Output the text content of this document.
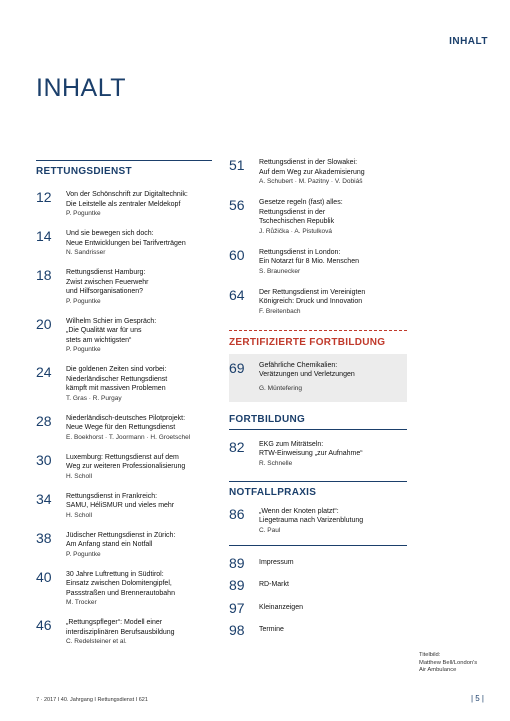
INHALT
INHALT
RETTUNGSDIENST
12 Von der Schönschrift zur Digitaltechnik:
Die Leitstelle als zentraler Meldekopf
P. Poguntke
14 Und sie bewegen sich doch:
Neue Entwicklungen bei Tarifverträgen
N. Sandrisser
18 Rettungsdienst Hamburg:
Zwist zwischen Feuerwehr
und Hilfsorganisationen?
P. Poguntke
20 Wilhelm Schier im Gespräch:
„Die Qualität war für uns
stets am wichtigsten“
P. Poguntke
24 Die goldenen Zeiten sind vorbei:
Niederländischer Rettungsdienst
kämpft mit massiven Problemen
T. Gras · R. Purgay
28 Niederländisch-deutsches Pilotprojekt:
Neue Wege für den Rettungsdienst
E. Boekhorst · T. Joormann · H. Groetschel
30 Luxemburg: Rettungsdienst auf dem
Weg zur weiteren Professionalisierung
H. Scholl
34 Rettungsdienst in Frankreich:
SAMU, HéliSMUR und vieles mehr
H. Scholl
38 Jüdischer Rettungsdienst in Zürich:
Am Anfang stand ein Notfall
P. Poguntke
40 30 Jahre Luftrettung in Südtirol:
Einsatz zwischen Dolomitengipfel,
Passstraßen und Brennerautobahn
M. Trocker
46 „Rettungspfleger“: Modell einer
interdisziplinären Berufsausbildung
C. Redelsteiner et al.
51 Rettungsdienst in der Slowakei:
Auf dem Weg zur Akademisierung
A. Schubert · M. Pazitny · V. Dobiáš
56 Gesetze regeln (fast) alles:
Rettungsdienst in der
Tschechischen Republik
J. Růžička · A. Pistulková
60 Rettungsdienst in London:
Ein Notarzt für 8 Mio. Menschen
S. Braunecker
64 Der Rettungsdienst im Vereinigten
Königreich: Druck und Innovation
F. Breitenbach
ZERTIFIZIERTE FORTBILDUNG
69 Gefährliche Chemikalien:
Verätzungen und Verletzungen
G. Müntefering
FORTBILDUNG
82 EKG zum Miträtseln:
RTW-Einweisung „zur Aufnahme“
R. Schnelle
NOTFALLPRAXIS
86 „Wenn der Knoten platzt“:
Liegetrauma nach Varizenblutung
C. Paul
89 Impressum
89 RD-Markt
97 Kleinanzeigen
98 Termine
Titelbild:
Matthew Bell/London's
Air Ambulance
7 · 2017 I 40. Jahrgang I Rettungsdienst I 621	| 5 |
